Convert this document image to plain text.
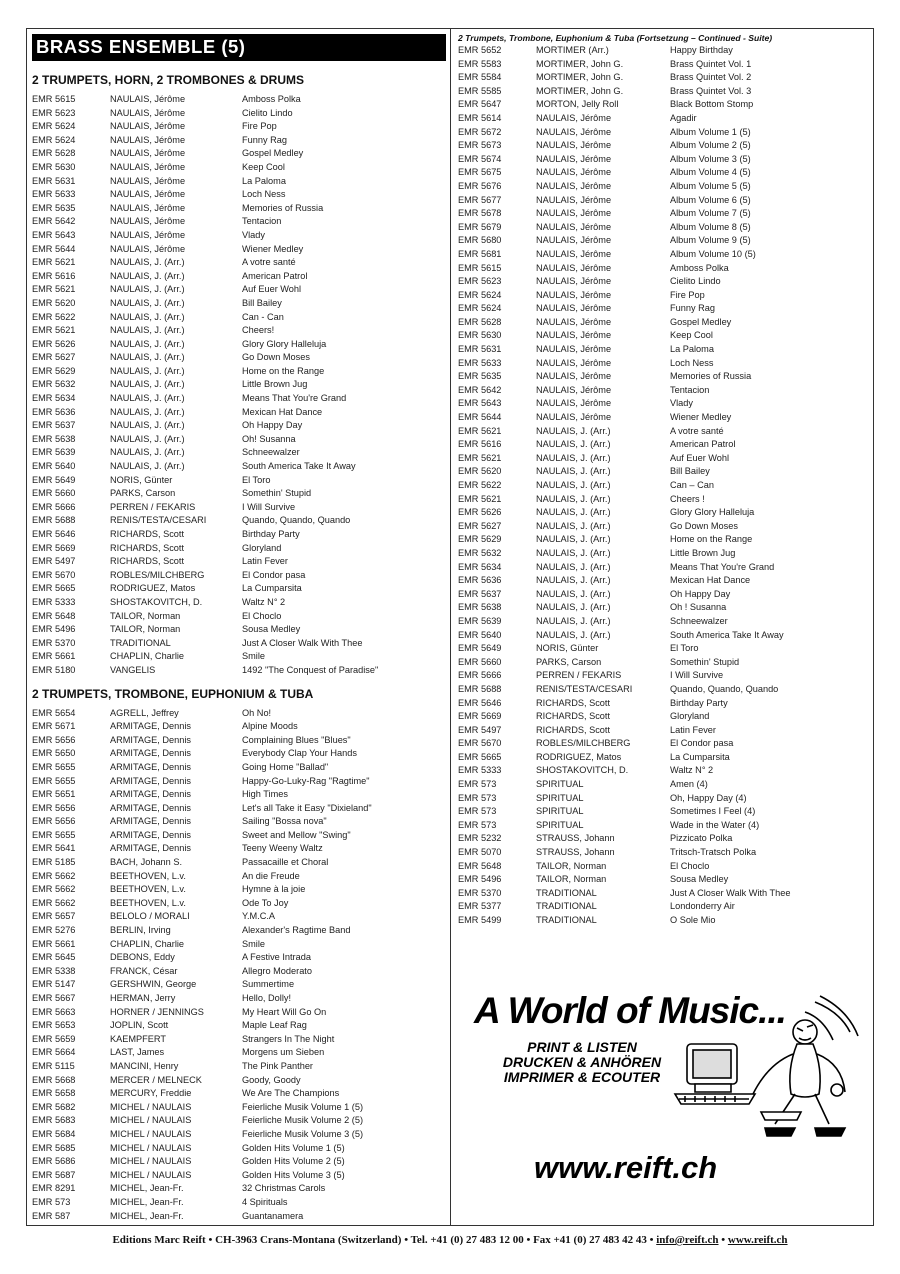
BRASS ENSEMBLE (5)
2 TRUMPETS, HORN, 2 TROMBONES & DRUMS
EMR 5615	NAULAIS, Jérôme	Amboss Polka
EMR 5623	NAULAIS, Jérôme	Cielito Lindo
EMR 5624	NAULAIS, Jérôme	Fire Pop
EMR 5624	NAULAIS, Jérôme	Funny Rag
EMR 5628	NAULAIS, Jérôme	Gospel Medley
EMR 5630	NAULAIS, Jérôme	Keep Cool
EMR 5631	NAULAIS, Jérôme	La Paloma
EMR 5633	NAULAIS, Jérôme	Loch Ness
EMR 5635	NAULAIS, Jérôme	Memories of Russia
EMR 5642	NAULAIS, Jérôme	Tentacion
EMR 5643	NAULAIS, Jérôme	Vlady
EMR 5644	NAULAIS, Jérôme	Wiener Medley
EMR 5621	NAULAIS, J. (Arr.)	A votre santé
EMR 5616	NAULAIS, J. (Arr.)	American Patrol
EMR 5621	NAULAIS, J. (Arr.)	Auf Euer Wohl
EMR 5620	NAULAIS, J. (Arr.)	Bill Bailey
EMR 5622	NAULAIS, J. (Arr.)	Can - Can
EMR 5621	NAULAIS, J. (Arr.)	Cheers!
EMR 5626	NAULAIS, J. (Arr.)	Glory Glory Halleluja
EMR 5627	NAULAIS, J. (Arr.)	Go Down Moses
EMR 5629	NAULAIS, J. (Arr.)	Home on the Range
EMR 5632	NAULAIS, J. (Arr.)	Little Brown Jug
EMR 5634	NAULAIS, J. (Arr.)	Means That You're Grand
EMR 5636	NAULAIS, J. (Arr.)	Mexican Hat Dance
EMR 5637	NAULAIS, J. (Arr.)	Oh Happy Day
EMR 5638	NAULAIS, J. (Arr.)	Oh! Susanna
EMR 5639	NAULAIS, J. (Arr.)	Schneewalzer
EMR 5640	NAULAIS, J. (Arr.)	South America Take It Away
EMR 5649	NORIS, Günter	El Toro
EMR 5660	PARKS, Carson	Somethin' Stupid
EMR 5666	PERREN / FEKARIS	I Will Survive
EMR 5688	RENIS/TESTA/CESARI	Quando, Quando, Quando
EMR 5646	RICHARDS, Scott	Birthday Party
EMR 5669	RICHARDS, Scott	Gloryland
EMR 5497	RICHARDS, Scott	Latin Fever
EMR 5670	ROBLES/MILCHBERG	El Condor pasa
EMR 5665	RODRIGUEZ, Matos	La Cumparsita
EMR 5333	SHOSTAKOVITCH, D.	Waltz N° 2
EMR 5648	TAILOR, Norman	El Choclo
EMR 5496	TAILOR, Norman	Sousa Medley
EMR 5370	TRADITIONAL	Just A Closer Walk With Thee
EMR 5661	CHAPLIN, Charlie	Smile
EMR 5180	VANGELIS	1492 "The Conquest of Paradise"
2 TRUMPETS, TROMBONE, EUPHONIUM & TUBA
EMR 5654	AGRELL, Jeffrey	Oh No!
EMR 5671	ARMITAGE, Dennis	Alpine Moods
EMR 5656	ARMITAGE, Dennis	Complaining Blues "Blues"
EMR 5650	ARMITAGE, Dennis	Everybody Clap Your Hands
EMR 5655	ARMITAGE, Dennis	Going Home "Ballad"
EMR 5655	ARMITAGE, Dennis	Happy-Go-Luky-Rag "Ragtime"
EMR 5651	ARMITAGE, Dennis	High Times
EMR 5656	ARMITAGE, Dennis	Let's all Take it Easy "Dixieland"
EMR 5656	ARMITAGE, Dennis	Sailing "Bossa nova"
EMR 5655	ARMITAGE, Dennis	Sweet and Mellow "Swing"
EMR 5641	ARMITAGE, Dennis	Teeny Weeny Waltz
EMR 5185	BACH, Johann S.	Passacaille et Choral
EMR 5662	BEETHOVEN, L.v.	An die Freude
EMR 5662	BEETHOVEN, L.v.	Hymne à la joie
EMR 5662	BEETHOVEN, L.v.	Ode To Joy
EMR 5657	BELOLO / MORALI	Y.M.C.A
EMR 5276	BERLIN, Irving	Alexander's Ragtime Band
EMR 5661	CHAPLIN, Charlie	Smile
EMR 5645	DEBONS, Eddy	A Festive Intrada
EMR 5338	FRANCK, César	Allegro Moderato
EMR 5147	GERSHWIN, George	Summertime
EMR 5667	HERMAN, Jerry	Hello, Dolly!
EMR 5663	HORNER / JENNINGS	My Heart Will Go On
EMR 5653	JOPLIN, Scott	Maple Leaf Rag
EMR 5659	KAEMPFERT	Strangers In The Night
EMR 5664	LAST, James	Morgens um Sieben
EMR 5115	MANCINI, Henry	The Pink Panther
EMR 5668	MERCER / MELNECK	Goody, Goody
EMR 5658	MERCURY, Freddie	We Are The Champions
EMR 5682	MICHEL / NAULAIS	Feierliche Musik Volume 1 (5)
EMR 5683	MICHEL / NAULAIS	Feierliche Musik Volume 2 (5)
EMR 5684	MICHEL / NAULAIS	Feierliche Musik Volume 3 (5)
EMR 5685	MICHEL / NAULAIS	Golden Hits Volume 1 (5)
EMR 5686	MICHEL / NAULAIS	Golden Hits Volume 2 (5)
EMR 5687	MICHEL / NAULAIS	Golden Hits Volume 3 (5)
EMR 8291	MICHEL, Jean-Fr.	32 Christmas Carols
EMR 573	MICHEL, Jean-Fr.	4 Spirituals
EMR 587	MICHEL, Jean-Fr.	Guantanamera
2 Trumpets, Trombone, Euphonium & Tuba (Fortsetzung – Continued - Suite)
EMR 5652	MORTIMER (Arr.)	Happy Birthday
EMR 5583	MORTIMER, John G.	Brass Quintet Vol. 1
EMR 5584	MORTIMER, John G.	Brass Quintet Vol. 2
EMR 5585	MORTIMER, John G.	Brass Quintet Vol. 3
EMR 5647	MORTON, Jelly Roll	Black Bottom Stomp
EMR 5614	NAULAIS, Jérôme	Agadir
EMR 5672	NAULAIS, Jérôme	Album Volume 1 (5)
EMR 5673	NAULAIS, Jérôme	Album Volume 2 (5)
EMR 5674	NAULAIS, Jérôme	Album Volume 3 (5)
EMR 5675	NAULAIS, Jérôme	Album Volume 4 (5)
EMR 5676	NAULAIS, Jérôme	Album Volume 5 (5)
EMR 5677	NAULAIS, Jérôme	Album Volume 6 (5)
EMR 5678	NAULAIS, Jérôme	Album Volume 7 (5)
EMR 5679	NAULAIS, Jérôme	Album Volume 8 (5)
EMR 5680	NAULAIS, Jérôme	Album Volume 9 (5)
EMR 5681	NAULAIS, Jérôme	Album Volume 10 (5)
EMR 5615	NAULAIS, Jérôme	Amboss Polka
EMR 5623	NAULAIS, Jérôme	Cielito Lindo
EMR 5624	NAULAIS, Jérôme	Fire Pop
EMR 5624	NAULAIS, Jérôme	Funny Rag
EMR 5628	NAULAIS, Jérôme	Gospel Medley
EMR 5630	NAULAIS, Jérôme	Keep Cool
EMR 5631	NAULAIS, Jérôme	La Paloma
EMR 5633	NAULAIS, Jérôme	Loch Ness
EMR 5635	NAULAIS, Jérôme	Memories of Russia
EMR 5642	NAULAIS, Jérôme	Tentacion
EMR 5643	NAULAIS, Jérôme	Vlady
EMR 5644	NAULAIS, Jérôme	Wiener Medley
EMR 5621	NAULAIS, J. (Arr.)	A votre santé
EMR 5616	NAULAIS, J. (Arr.)	American Patrol
EMR 5621	NAULAIS, J. (Arr.)	Auf Euer Wohl
EMR 5620	NAULAIS, J. (Arr.)	Bill Bailey
EMR 5622	NAULAIS, J. (Arr.)	Can – Can
EMR 5621	NAULAIS, J. (Arr.)	Cheers !
EMR 5626	NAULAIS, J. (Arr.)	Glory Glory Halleluja
EMR 5627	NAULAIS, J. (Arr.)	Go Down Moses
EMR 5629	NAULAIS, J. (Arr.)	Home on the Range
EMR 5632	NAULAIS, J. (Arr.)	Little Brown Jug
EMR 5634	NAULAIS, J. (Arr.)	Means That You're Grand
EMR 5636	NAULAIS, J. (Arr.)	Mexican Hat Dance
EMR 5637	NAULAIS, J. (Arr.)	Oh Happy Day
EMR 5638	NAULAIS, J. (Arr.)	Oh ! Susanna
EMR 5639	NAULAIS, J. (Arr.)	Schneewalzer
EMR 5640	NAULAIS, J. (Arr.)	South America Take It Away
EMR 5649	NORIS, Günter	El Toro
EMR 5660	PARKS, Carson	Somethin' Stupid
EMR 5666	PERREN / FEKARIS	I Will Survive
EMR 5688	RENIS/TESTA/CESARI	Quando, Quando, Quando
EMR 5646	RICHARDS, Scott	Birthday Party
EMR 5669	RICHARDS, Scott	Gloryland
EMR 5497	RICHARDS, Scott	Latin Fever
EMR 5670	ROBLES/MILCHBERG	El Condor pasa
EMR 5665	RODRIGUEZ, Matos	La Cumparsita
EMR 5333	SHOSTAKOVITCH, D.	Waltz N° 2
EMR 573	SPIRITUAL	Amen (4)
EMR 573	SPIRITUAL	Oh, Happy Day (4)
EMR 573	SPIRITUAL	Sometimes I Feel (4)
EMR 573	SPIRITUAL	Wade in the Water (4)
EMR 5232	STRAUSS, Johann	Pizzicato Polka
EMR 5070	STRAUSS, Johann	Tritsch-Tratsch Polka
EMR 5648	TAILOR, Norman	El Choclo
EMR 5496	TAILOR, Norman	Sousa Medley
EMR 5370	TRADITIONAL	Just A Closer Walk With Thee
EMR 5377	TRADITIONAL	Londonderry Air
EMR 5499	TRADITIONAL	O Sole Mio
A World of Music...
PRINT & LISTEN
DRUCKEN & ANHÖREN
IMPRIMER & ECOUTER
www.reift.ch
Editions Marc Reift • CH-3963 Crans-Montana (Switzerland) • Tel. +41 (0) 27 483 12 00 • Fax +41 (0) 27 483 42 43 • info@reift.ch • www.reift.ch
